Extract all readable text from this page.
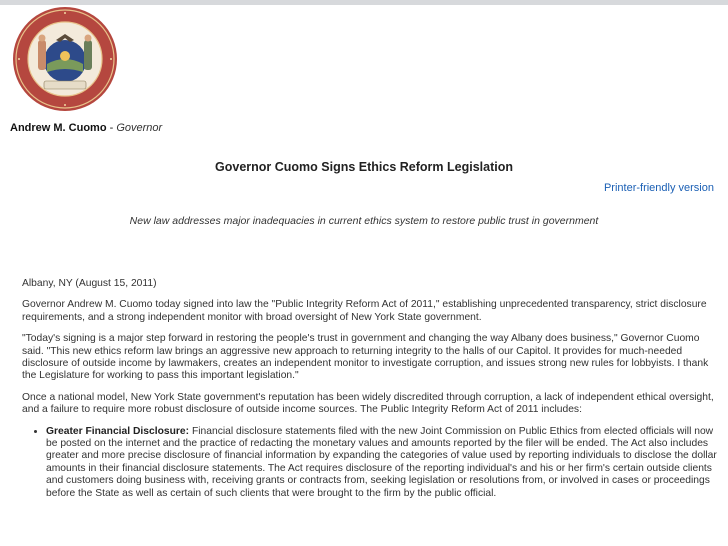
Andrew M. Cuomo - Governor
Governor Cuomo Signs Ethics Reform Legislation
Printer-friendly version
New law addresses major inadequacies in current ethics system to restore public trust in government

Albany, NY (August 15, 2011)

Governor Andrew M. Cuomo today signed into law the "Public Integrity Reform Act of 2011," establishing unprecedented transparency, strict disclosure requirements, and a strong independent monitor with broad oversight of New York State government.

"Today's signing is a major step forward in restoring the people's trust in government and changing the way Albany does business," Governor Cuomo said. "This new ethics reform law brings an aggressive new approach to returning integrity to the halls of our Capitol. It provides for much-needed disclosure of outside income by lawmakers, creates an independent monitor to investigate corruption, and issues strong new rules for lobbyists. I thank the Legislature for working to pass this important legislation."

Once a national model, New York State government's reputation has been widely discredited through corruption, a lack of independent ethical oversight, and a failure to require more robust disclosure of outside income sources. The Public Integrity Reform Act of 2011 includes:

• Greater Financial Disclosure: Financial disclosure statements filed with the new Joint Commission on Public Ethics from elected officials will now be posted on the internet and the practice of redacting the monetary values and amounts reported by the filer will be ended. The Act also includes greater and more precise disclosure of financial information by expanding the categories of value used by reporting individuals to disclose the dollar amounts in their financial disclosure statements. The Act requires disclosure of the reporting individual's and his or her firm's certain outside clients and customers doing business with, receiving grants or contracts from, seeking legislation or resolutions from, or involved in cases or proceedings before the State as well as certain of such clients that were brought to the firm by the public official.
